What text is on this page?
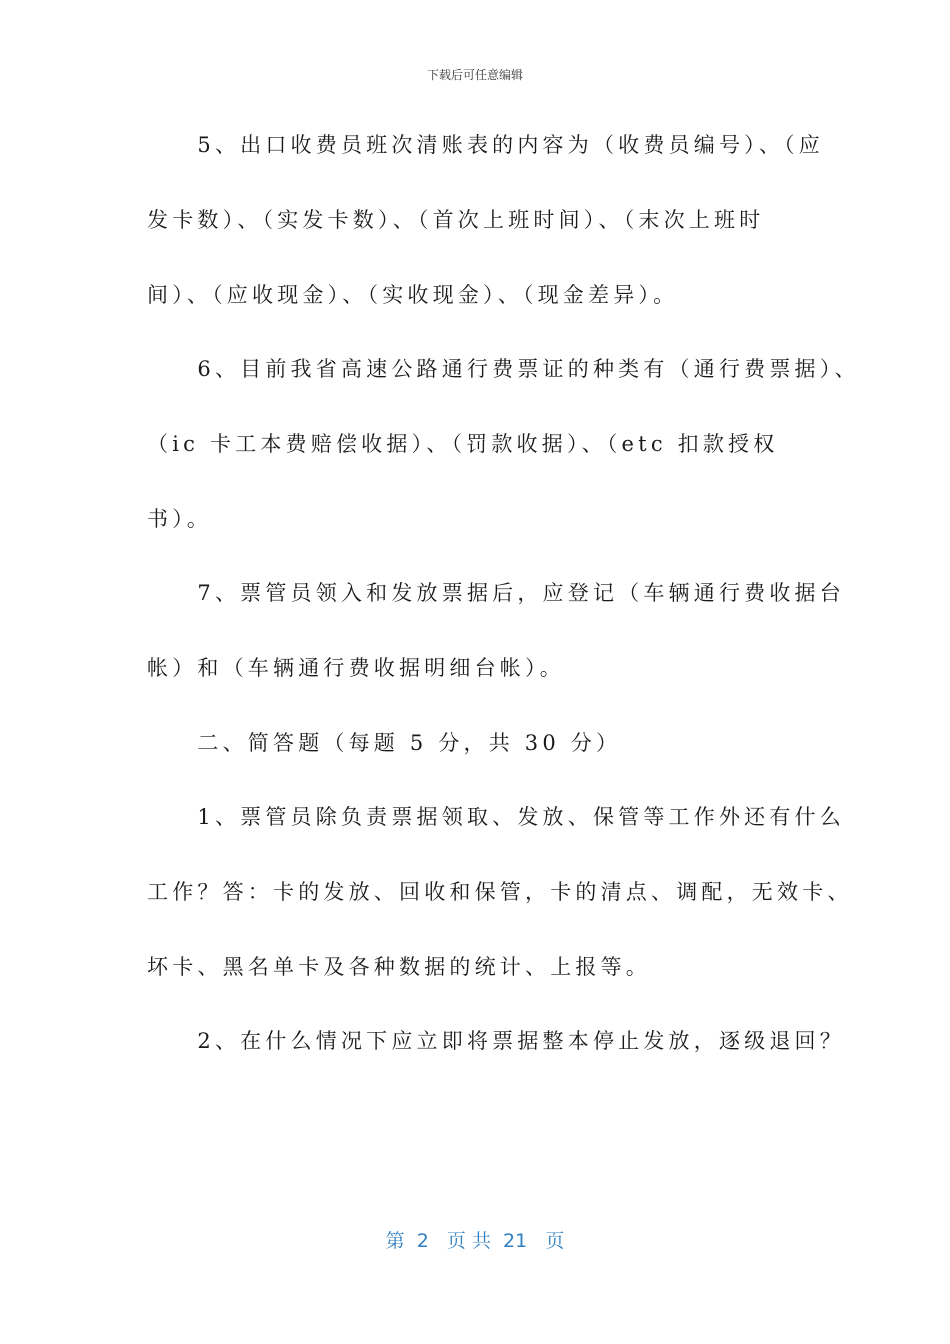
下载后可任意编辑
　　5、出口收费员班次清账表的内容为（收费员编号）、（应
发卡数）、（实发卡数）、（首次上班时间）、（末次上班时
间）、（应收现金）、（实收现金）、（现金差异）。
　　6、目前我省高速公路通行费票证的种类有（通行费票据）、
（ic 卡工本费赔偿收据）、（罚款收据）、（etc 扣款授权
书）。
　　7、票管员领入和发放票据后，应登记（车辆通行费收据台
帐）和（车辆通行费收据明细台帐）。
　　二、简答题（每题 5 分，共 30 分）
　　1、票管员除负责票据领取、发放、保管等工作外还有什么
工作？答：卡的发放、回收和保管，卡的清点、调配，无效卡、
坏卡、黑名单卡及各种数据的统计、上报等。
　　2、在什么情况下应立即将票据整本停止发放，逐级退回？
第  2   页 共  21   页
